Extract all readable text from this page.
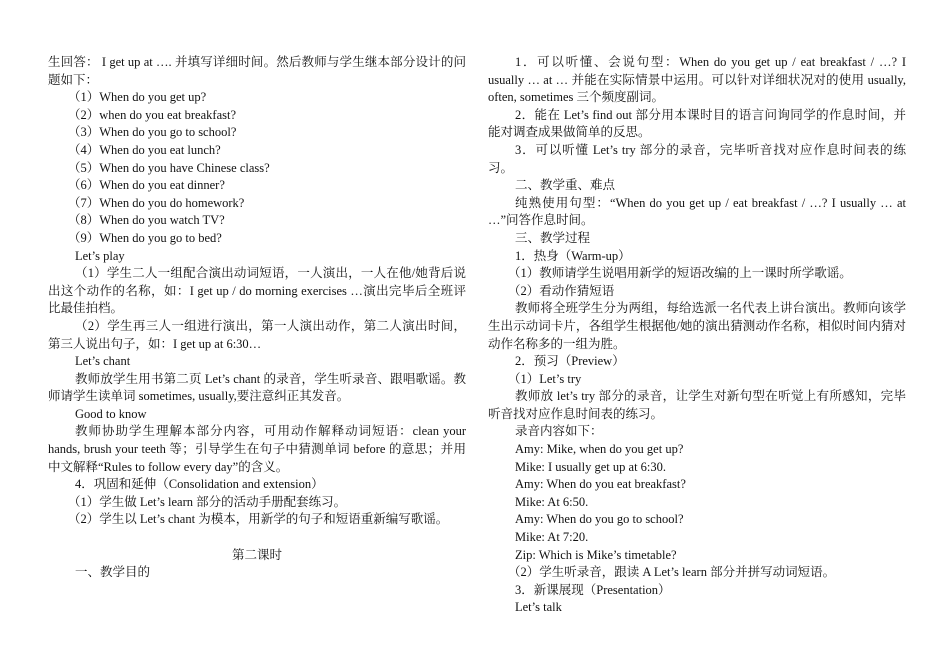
生回答： I get up at …. 并填写详细时间。然后教师与学生继本部分设计的问题如下：

（1）When do you get up?

（2）when do you eat breakfast?

（3）When do you go to school?

（4）When do you eat lunch?

（5）When do you have Chinese class?

（6）When do you eat dinner?

（7）When do you do homework?

（8）When do you watch TV?

（9）When do you go to bed?

Let’s play

（1）学生二人一组配合演出动词短语，一人演出，一人在他/她背后说出这个动作的名称，如：I get up / do morning exercises …演出完毕后全班评比最佳拍档。

（2）学生再三人一组进行演出，第一人演出动作，第二人演出时间，第三人说出句子，如：I get up at 6:30…

Let’s chant

教师放学生用书第二页 Let’s chant 的录音，学生听录音、跟唱歌谣。教师请学生读单词 sometimes, usually,要注意纠正其发音。

Good to know

教师协助学生理解本部分内容，可用动作解释动词短语：clean your hands, brush your teeth 等；引导学生在句子中猜测单词 before 的意思；并用中文解释“Rules to follow every day”的含义。

4．巩固和延伸（Consolidation and extension）

（1）学生做 Let’s learn 部分的活动手册配套练习。

（2）学生以 Let’s chant 为模本，用新学的句子和短语重新编写歌谣。

第二课时

一、教学目的

1．可以听懂、会说句型：When do you get up / eat breakfast / …? I usually … at … 并能在实际情景中运用。可以针对详细状况对的使用 usually, often, sometimes 三个频度副词。

2．能在 Let’s find out 部分用本课时目的语言问询同学的作息时间，并能对调查成果做简单的反思。

3．可以听懂 Let’s try 部分的录音，完毕听音找对应作息时间表的练习。

二、教学重、难点

纯熟使用句型：“When do you get up / eat breakfast / …? I usually … at …”问答作息时间。

三、教学过程

1．热身（Warm-up）

（1）教师请学生说唱用新学的短语改编的上一课时所学歌谣。

（2）看动作猜短语

教师将全班学生分为两组，每给选派一名代表上讲台演出。教师向该学生出示动词卡片，各组学生根据他/她的演出猜测动作名称，相似时间内猜对动作名称多的一组为胜。

2．预习（Preview）

（1）Let’s try

教师放 let’s try 部分的录音，让学生对新句型在听觉上有所感知，完毕听音找对应作息时间表的练习。

录音内容如下：

Amy: Mike, when do you get up?

Mike: I usually get up at 6:30.

Amy: When do you eat breakfast?

Mike: At 6:50.

Amy: When do you go to school?

Mike: At 7:20.

Zip: Which is Mike’s timetable?

（2）学生听录音，跟读 A Let’s learn 部分并拼写动词短语。

3．新课展现（Presentation）

Let’s talk
